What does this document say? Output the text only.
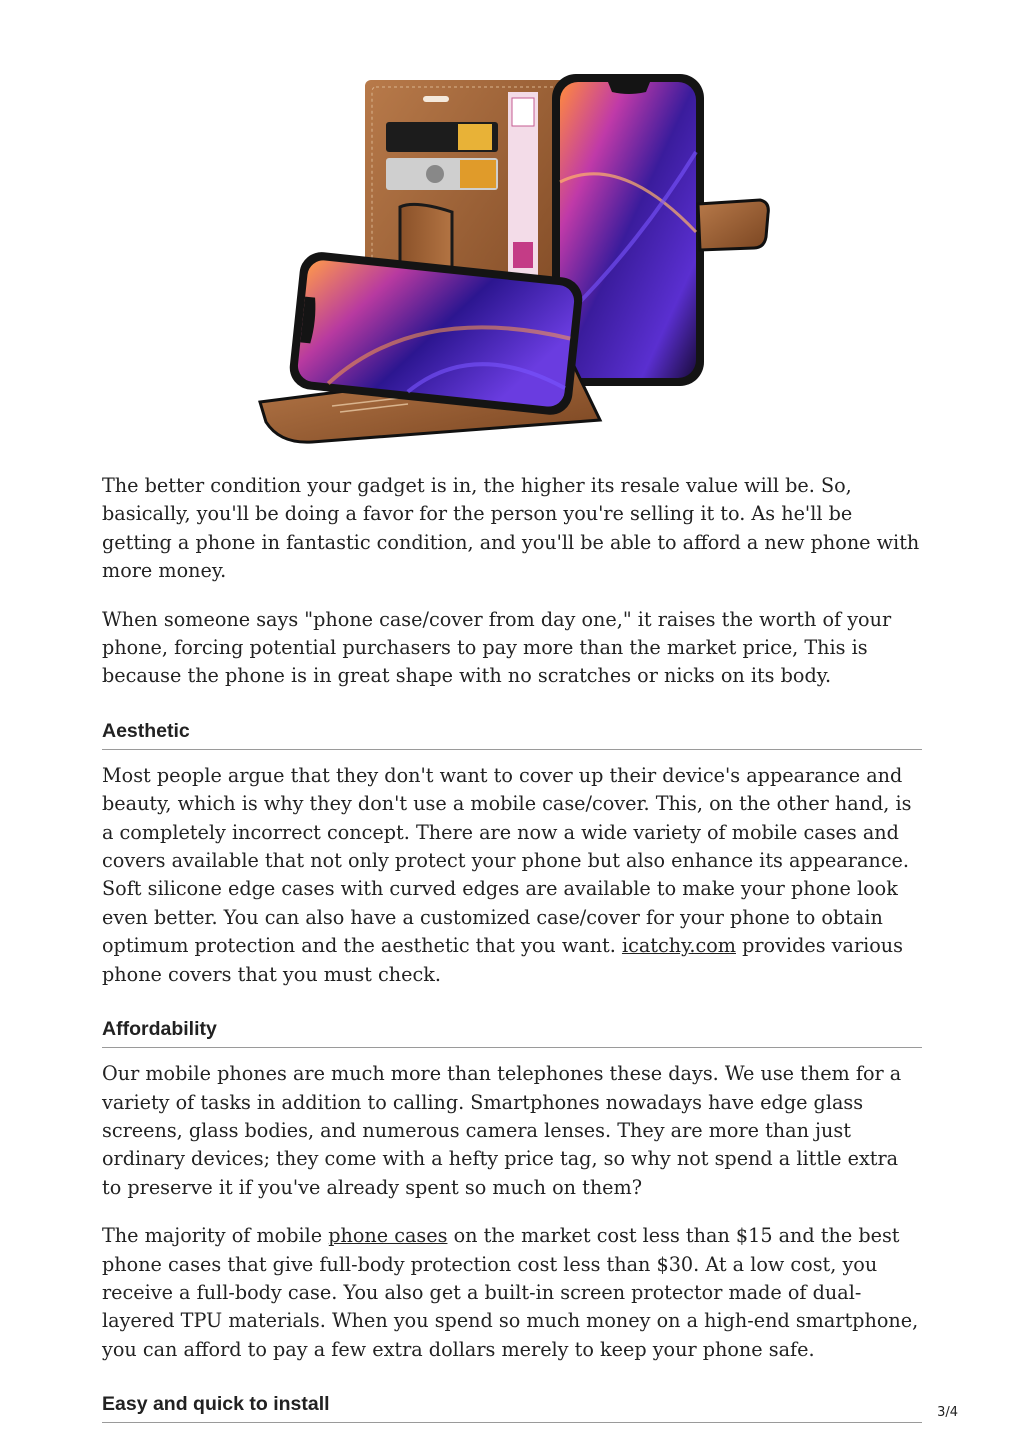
The better condition your gadget is in, the higher its resale value will be. So, basically, you'll be doing a favor for the person you're selling it to. As he'll be getting a phone in fantastic condition, and you'll be able to afford a new phone with more money.

When someone says "phone case/cover from day one," it raises the worth of your phone, forcing potential purchasers to pay more than the market price, This is because the phone is in great shape with no scratches or nicks on its body.

Aesthetic

Most people argue that they don't want to cover up their device's appearance and beauty, which is why they don't use a mobile case/cover. This, on the other hand, is a completely incorrect concept. There are now a wide variety of mobile cases and covers available that not only protect your phone but also enhance its appearance. Soft silicone edge cases with curved edges are available to make your phone look even better. You can also have a customized case/cover for your phone to obtain optimum protection and the aesthetic that you want. icatchy.com provides various phone covers that you must check.

Affordability

Our mobile phones are much more than telephones these days. We use them for a variety of tasks in addition to calling. Smartphones nowadays have edge glass screens, glass bodies, and numerous camera lenses. They are more than just ordinary devices; they come with a hefty price tag, so why not spend a little extra to preserve it if you've already spent so much on them?

The majority of mobile phone cases on the market cost less than $15 and the best phone cases that give full-body protection cost less than $30. At a low cost, you receive a full-body case. You also get a built-in screen protector made of dual-layered TPU materials. When you spend so much money on a high-end smartphone, you can afford to pay a few extra dollars merely to keep your phone safe.

Easy and quick to install	3/4
